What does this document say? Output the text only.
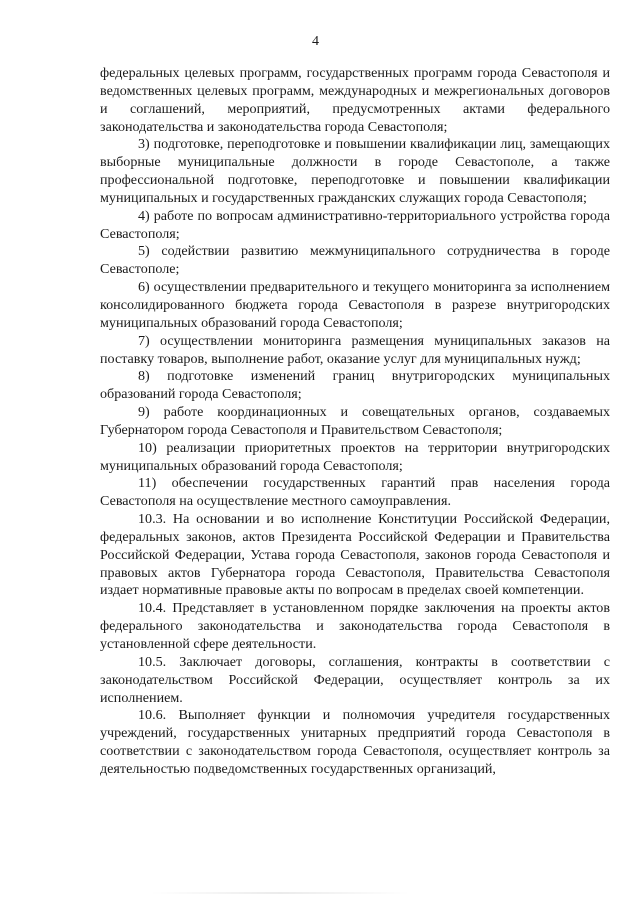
4

федеральных целевых программ, государственных программ города Севастополя и ведомственных целевых программ, международных и межрегиональных договоров и соглашений, мероприятий, предусмотренных актами федерального законодательства и законодательства города Севастополя;

3) подготовке, переподготовке и повышении квалификации лиц, замещающих выборные муниципальные должности в городе Севастополе, а также профессиональной подготовке, переподготовке и повышении квалификации муниципальных и государственных гражданских служащих города Севастополя;

4) работе по вопросам административно-территориального устройства города Севастополя;

5) содействии развитию межмуниципального сотрудничества в городе Севастополе;

6) осуществлении предварительного и текущего мониторинга за исполнением консолидированного бюджета города Севастополя в разрезе внутригородских муниципальных образований города Севастополя;

7) осуществлении мониторинга размещения муниципальных заказов на поставку товаров, выполнение работ, оказание услуг для муниципальных нужд;

8) подготовке изменений границ внутригородских муниципальных образований города Севастополя;

9) работе координационных и совещательных органов, создаваемых Губернатором города Севастополя и Правительством Севастополя;

10) реализации приоритетных проектов на территории внутригородских муниципальных образований города Севастополя;

11) обеспечении государственных гарантий прав населения города Севастополя на осуществление местного самоуправления.

10.3. На основании и во исполнение Конституции Российской Федерации, федеральных законов, актов Президента Российской Федерации и Правительства Российской Федерации, Устава города Севастополя, законов города Севастополя и правовых актов Губернатора города Севастополя, Правительства Севастополя издает нормативные правовые акты по вопросам в пределах своей компетенции.

10.4. Представляет в установленном порядке заключения на проекты актов федерального законодательства и законодательства города Севастополя в установленной сфере деятельности.

10.5. Заключает договоры, соглашения, контракты в соответствии с законодательством Российской Федерации, осуществляет контроль за их исполнением.

10.6. Выполняет функции и полномочия учредителя государственных учреждений, государственных унитарных предприятий города Севастополя в соответствии с законодательством города Севастополя, осуществляет контроль за деятельностью подведомственных государственных организаций,
